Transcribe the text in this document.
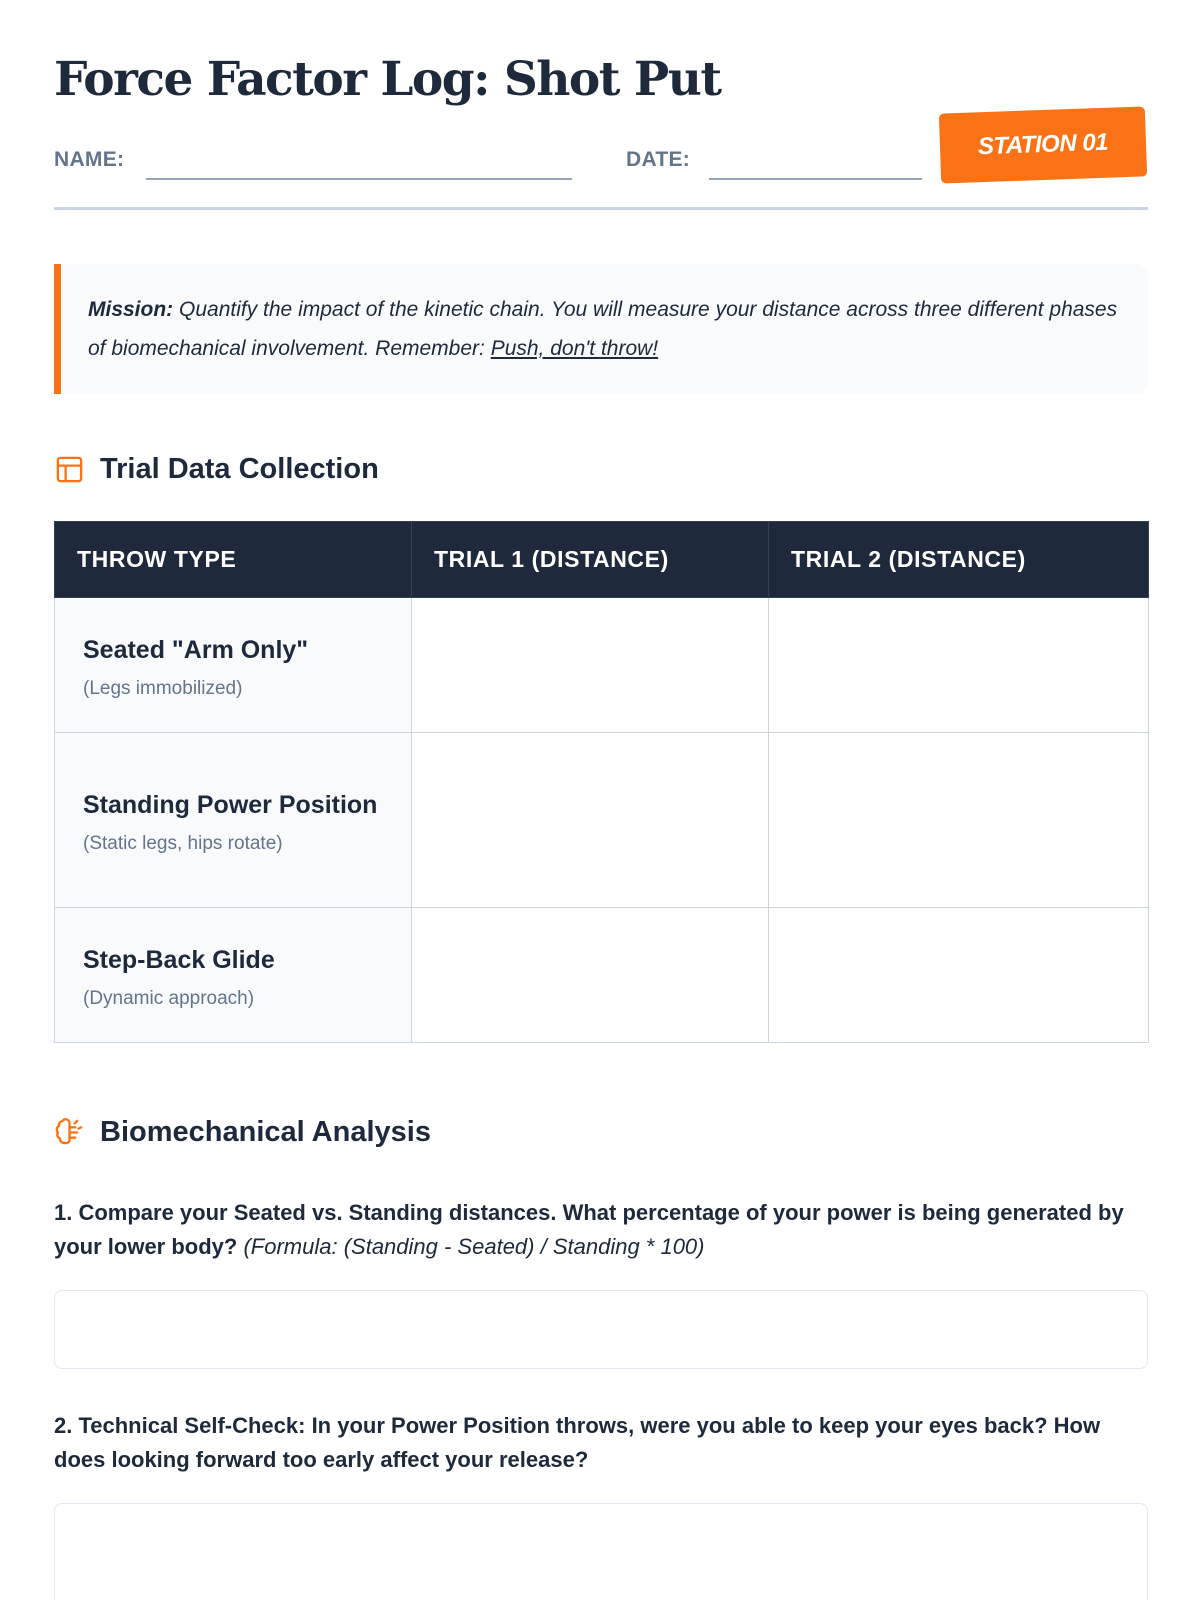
Force Factor Log: Shot Put
NAME:	DATE:	STATION 01
Mission: Quantify the impact of the kinetic chain. You will measure your distance across three different phases of biomechanical involvement. Remember: Push, don't throw!
Trial Data Collection
THROW TYPE	TRIAL 1 (DISTANCE)	TRIAL 2 (DISTANCE)

Seated "Arm Only"
(Legs immobilized)		

Standing Power Position
(Static legs, hips rotate)		

Step-Back Glide
(Dynamic approach)		

Biomechanical Analysis
1. Compare your Seated vs. Standing distances. What percentage of your power is being generated by your lower body? (Formula: (Standing - Seated) / Standing * 100)
2. Technical Self-Check: In your Power Position throws, were you able to keep your eyes back? How does looking forward too early affect your release?
